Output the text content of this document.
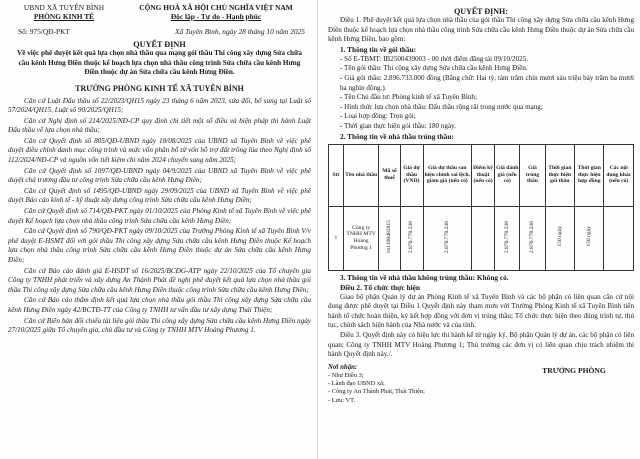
UBND XÃ TUYÊN BÌNH
PHÒNG KINH TẾ
CỘNG HOÀ XÃ HỘI CHỦ NGHĨA VIỆT NAM
Độc lập - Tự do - Hạnh phúc
Số: 975/QĐ-PKT	Xã Tuyên Bình, ngày 28 tháng 10 năm 2025
QUYẾT ĐỊNH
Về việc phê duyệt kết quả lựa chọn nhà thầu qua mạng gói thầu Thi công xây dựng Sửa chữa cầu kênh Hưng Điền thuộc kế hoạch lựa chọn nhà thầu công trình Sửa chữa cầu kênh Hưng Điền thuộc dự án Sửa chữa cầu kênh Hưng Điền.
TRƯỞNG PHÒNG KINH TẾ XÃ TUYÊN BÌNH
Căn cứ Luật Đấu thầu số 22/2023/QH15 ngày 23 tháng 6 năm 2023, sửa đổi, bổ sung tại Luật số 57/2024/QH15, Luật số 90/2025/QH15;
Căn cứ Nghị định số 214/2025/NĐ-CP quy định chi tiết một số điều và biện pháp thi hành Luật Đấu thầu về lựa chọn nhà thầu;
Căn cứ Quyết định số 805/QĐ-UBND ngày 18/08/2025 của UBND xã Tuyên Bình về việc phê duyệt điều chỉnh danh mục công trình và mức vốn phân bổ từ vốn hỗ trợ đất trồng lúa theo Nghị định số 112/2024/NĐ-CP và nguồn vốn tiết kiệm chi năm 2024 chuyển sang năm 2025;
Căn cứ Quyết định số 1097/QĐ-UBND ngày 04/9/2025 của UBND xã Tuyên Bình về việc phê duyệt chủ trương đầu tư công trình Sửa chữa cầu kênh Hưng Điền;
Căn cứ Quyết định số 1495/QĐ-UBND ngày 29/09/2025 của UBND xã Tuyên Bình về việc phê duyệt Báo cáo kinh tế - kỹ thuật xây dựng công trình Sửa chữa cầu kênh Hưng Điền;
Căn cứ Quyết định số 714/QĐ-PKT ngày 01/10/2025 của Phòng Kinh tế xã Tuyên Bình về việc phê duyệt Kế hoạch lựa chọn nhà thầu công trình Sửa chữa cầu kênh Hưng Điền;
Căn cứ Quyết định số 790/QĐ-PKT ngày 09/10/2025 của Trưởng Phòng Kinh tế xã Tuyên Bình V/v phê duyệt E-HSMT đối với gói thầu Thi công xây dựng Sửa chữa cầu kênh Hưng Điền thuộc Kế hoạch lựa chọn nhà thầu công trình Sửa chữa cầu kênh Hưng Điền thuộc dự án Sửa chữa cầu kênh Hưng Điền;
Căn cứ Báo cáo đánh giá E-HSDT số 16/2025/BCĐG-ATP ngày 22/10/2025 của Tổ chuyên gia Công ty TNHH phát triển và xây dựng An Thành Phát đề nghị phê duyệt kết quả lựa chọn nhà thầu gói thầu Thi công xây dựng Sửa chữa cầu kênh Hưng Điền thuộc công trình Sửa chữa cầu kênh Hưng Điền;
Căn cứ Báo cáo thẩm định kết quả lựa chọn nhà thầu gói thầu Thi công xây dựng Sửa chữa cầu kênh Hưng Điền ngày 42/BCTĐ-TT của Công ty TNHH tư vấn đầu tư xây dựng Thái Thiện;
Căn cứ Biên bản đối chiếu tài liệu gói thầu Thi công xây dựng Sửa chữa cầu kênh Hưng Điền ngày 27/10/2025 giữa Tổ chuyên gia, chủ đầu tư và Công ty TNHH MTV Hoàng Phương 1.
QUYẾT ĐỊNH:
Điều 1. Phê duyệt kết quả lựa chọn nhà thầu của gói thầu Thi công xây dựng Sửa chữa cầu kênh Hưng Điền thuộc kế hoạch lựa chọn nhà thầu công trình Sửa chữa cầu kênh Hưng Điền thuộc dự án Sửa chữa cầu kênh Hưng Điền, bao gồm:
1. Thông tin về gói thầu:
- Số E-TBMT: IB2500439003 - 00 thời điểm đăng tải 09/10/2025.
- Tên gói thầu: Thi công xây dựng Sửa chữa cầu kênh Hưng Điền.
- Giá gói thầu: 2.896.733.000 đồng (Bằng chữ: Hai tỷ, tám trăm chín mươi sáu triệu bảy trăm ba mươi ba nghìn đồng.).
- Tên Chủ đầu tư: Phòng kinh tế xã Tuyên Bình;
- Hình thức lựa chọn nhà thầu: Đấu thầu rộng rãi trong nước qua mạng;
- Loại hợp đồng: Trọn gói;
- Thời gian thực hiện gói thầu: 180 ngày.
2. Thông tin về nhà thầu trúng thầu:
Stt	Tên nhà thầu	Mã số thuế	Giá dự thầu (VND)	Giá dự thầu sau hiệu chỉnh sai lệch, giảm giá (nếu có)	Điểm kỹ thuật (nếu có)	Giá đánh giá (nếu có)	Giá trúng thầu	Thời gian thực hiện gói thầu	Thời gian thực hiện hợp đồng	Các nội dung khác (nếu có)
1	Công ty TNHH MTV Hoàng Phương 1	vn1100482815	2.870.778.236	2.870.778.236		2.870.778.236	2.870.778.236	150 ngày	150 ngày	
3. Thông tin về nhà thầu không trúng thầu: Không có.
Điều 2. Tổ chức thực hiện
Giao bộ phận Quản lý dự án Phòng Kinh tế xã Tuyên Bình và các bộ phận có liên quan căn cứ nội dung được phê duyệt tại Điều 1 Quyết định này tham mưu với Trưởng Phòng Kinh tế xã Tuyên Bình tiến hành tổ chức hoàn thiện, ký kết hợp đồng với đơn vị trúng thầu; Tổ chức thực hiện theo đúng trình tự, thủ tục, chính sách hiện hành của Nhà nước và của tỉnh.
Điều 3. Quyết định này có hiệu lực thi hành kể từ ngày ký. Bộ phận Quản lý dự án, các bộ phận có liên quan; Công ty TNHH MTV Hoàng Phương 1; Thủ trưởng các đơn vị có liên quan chịu trách nhiệm thi hành Quyết định này./.
Nơi nhận:
- Như Điều 3;
- Lãnh đạo UBND xã;
- Công ty An Thành Phát, Thái Thiện;
- Lưu: VT.
TRƯỞNG PHÒNG
